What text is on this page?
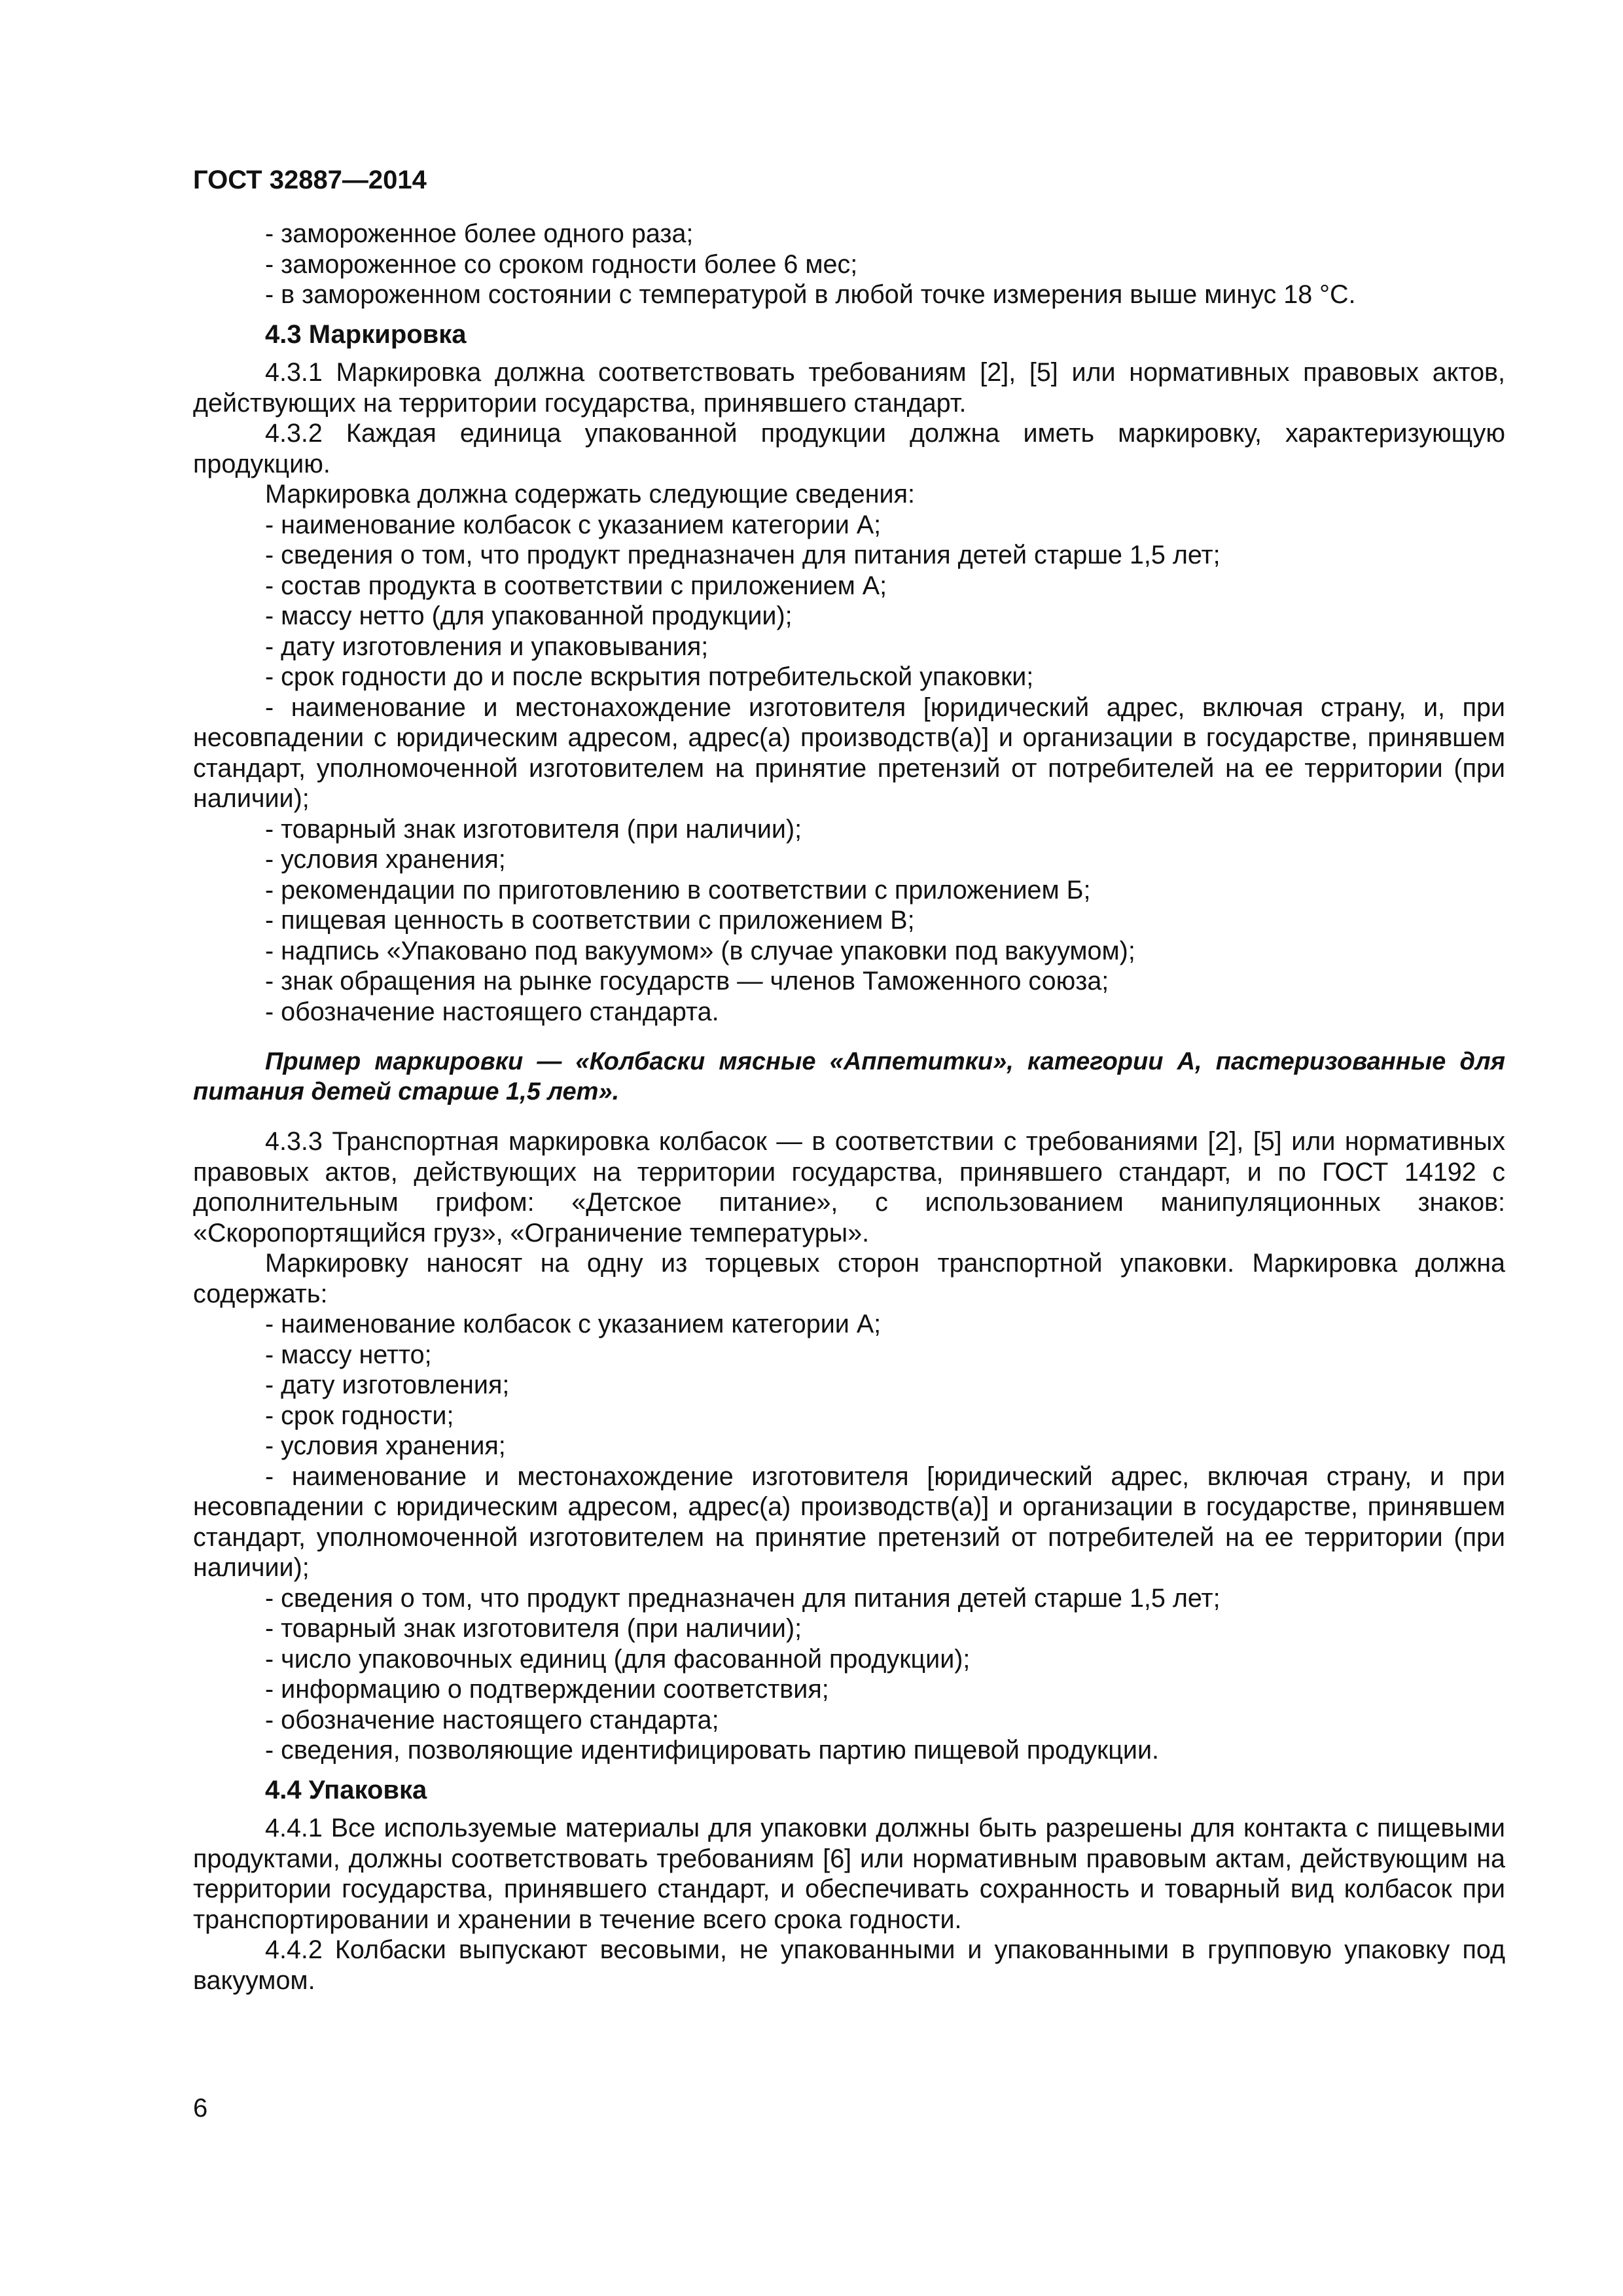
ГОСТ 32887—2014
- замороженное более одного раза;
- замороженное со сроком годности более 6 мес;
- в замороженном состоянии с температурой в любой точке измерения выше минус 18 °C.
4.3 Маркировка

4.3.1 Маркировка должна соответствовать требованиям [2], [5] или нормативных правовых актов, действующих на территории государства, принявшего стандарт.

4.3.2 Каждая единица упакованной продукции должна иметь маркировку, характеризующую продукцию.

Маркировка должна содержать следующие сведения:

- наименование колбасок с указанием категории А;
- сведения о том, что продукт предназначен для питания детей старше 1,5 лет;
- состав продукта в соответствии с приложением А;
- массу нетто (для упакованной продукции);
- дату изготовления и упаковывания;
- срок годности до и после вскрытия потребительской упаковки;
- наименование и местонахождение изготовителя [юридический адрес, включая страну, и, при несовпадении с юридическим адресом, адрес(а) производств(а)] и организации в государстве, принявшем стандарт, уполномоченной изготовителем на принятие претензий от потребителей на ее территории (при наличии);
- товарный знак изготовителя (при наличии);
- условия хранения;
- рекомендации по приготовлению в соответствии с приложением Б;
- пищевая ценность в соответствии с приложением В;
- надпись «Упаковано под вакуумом» (в случае упаковки под вакуумом);
- знак обращения на рынке государств — членов Таможенного союза;
- обозначение настоящего стандарта.

Пример маркировки — «Колбаски мясные «Аппетитки», категории А, пастеризованные для питания детей старше 1,5 лет».

4.3.3 Транспортная маркировка колбасок — в соответствии с требованиями [2], [5] или нормативных правовых актов, действующих на территории государства, принявшего стандарт, и по ГОСТ 14192 с дополнительным грифом: «Детское питание», с использованием манипуляционных знаков: «Скоропортящийся груз», «Ограничение температуры».

Маркировку наносят на одну из торцевых сторон транспортной упаковки. Маркировка должна содержать:

- наименование колбасок с указанием категории А;
- массу нетто;
- дату изготовления;
- срок годности;
- условия хранения;
- наименование и местонахождение изготовителя [юридический адрес, включая страну, и при несовпадении с юридическим адресом, адрес(а) производств(а)] и организации в государстве, принявшем стандарт, уполномоченной изготовителем на принятие претензий от потребителей на ее территории (при наличии);
- сведения о том, что продукт предназначен для питания детей старше 1,5 лет;
- товарный знак изготовителя (при наличии);
- число упаковочных единиц (для фасованной продукции);
- информацию о подтверждении соответствия;
- обозначение настоящего стандарта;
- сведения, позволяющие идентифицировать партию пищевой продукции.
4.4 Упаковка

4.4.1 Все используемые материалы для упаковки должны быть разрешены для контакта с пищевыми продуктами, должны соответствовать требованиям [6] или нормативным правовым актам, действующим на территории государства, принявшего стандарт, и обеспечивать сохранность и товарный вид колбасок при транспортировании и хранении в течение всего срока годности.

4.4.2 Колбаски выпускают весовыми, не упакованными и упакованными в групповую упаковку под вакуумом.

6
